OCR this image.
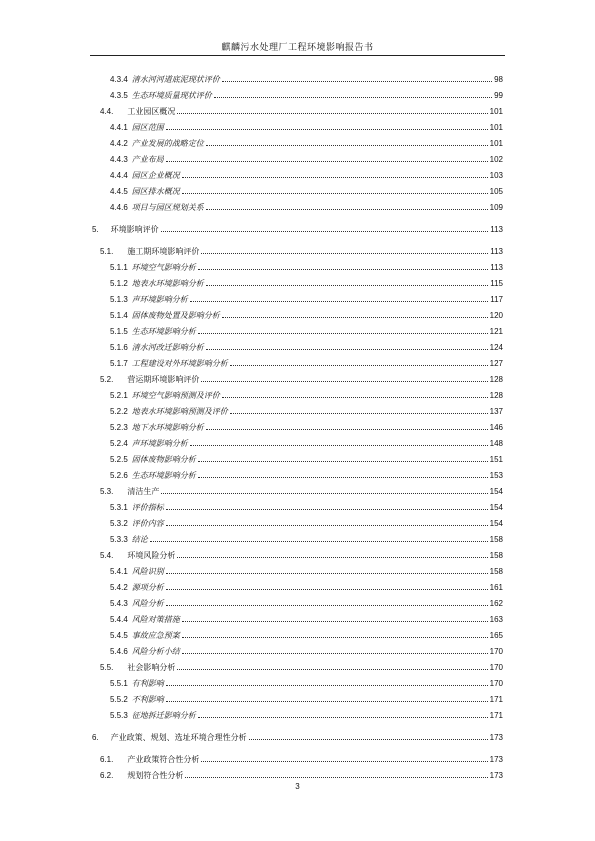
麒麟污水处理厂工程环境影响报告书
4.3.4 清水河河道底泥现状评价	98
4.3.5 生态环境质量现状评价	99
4.4. 工业园区概况	101
4.4.1 园区范围	101
4.4.2 产业发展的战略定位	101
4.4.3 产业布局	102
4.4.4 园区企业概况	103
4.4.5 园区排水概况	105
4.4.6 项目与园区规划关系	109
5. 环境影响评价	113
5.1. 施工期环境影响评价	113
5.1.1 环境空气影响分析	113
5.1.2 地表水环境影响分析	115
5.1.3 声环境影响分析	117
5.1.4 固体废物处置及影响分析	120
5.1.5 生态环境影响分析	121
5.1.6 清水河改迁影响分析	124
5.1.7 工程建设对外环境影响分析	127
5.2. 营运期环境影响评价	128
5.2.1 环境空气影响预测及评价	128
5.2.2 地表水环境影响预测及评价	137
5.2.3 地下水环境影响分析	146
5.2.4 声环境影响分析	148
5.2.5 固体废物影响分析	151
5.2.6 生态环境影响分析	153
5.3. 清洁生产	154
5.3.1 评价指标	154
5.3.2 评价内容	154
5.3.3 结论	158
5.4. 环境风险分析	158
5.4.1 风险识别	158
5.4.2 源项分析	161
5.4.3 风险分析	162
5.4.4 风险对策措施	163
5.4.5 事故应急预案	165
5.4.6 风险分析小结	170
5.5. 社会影响分析	170
5.5.1 有利影响	170
5.5.2 不利影响	171
5.5.3 征地拆迁影响分析	171
6. 产业政策、规划、选址环境合理性分析	173
6.1. 产业政策符合性分析	173
6.2. 规划符合性分析	173
3
